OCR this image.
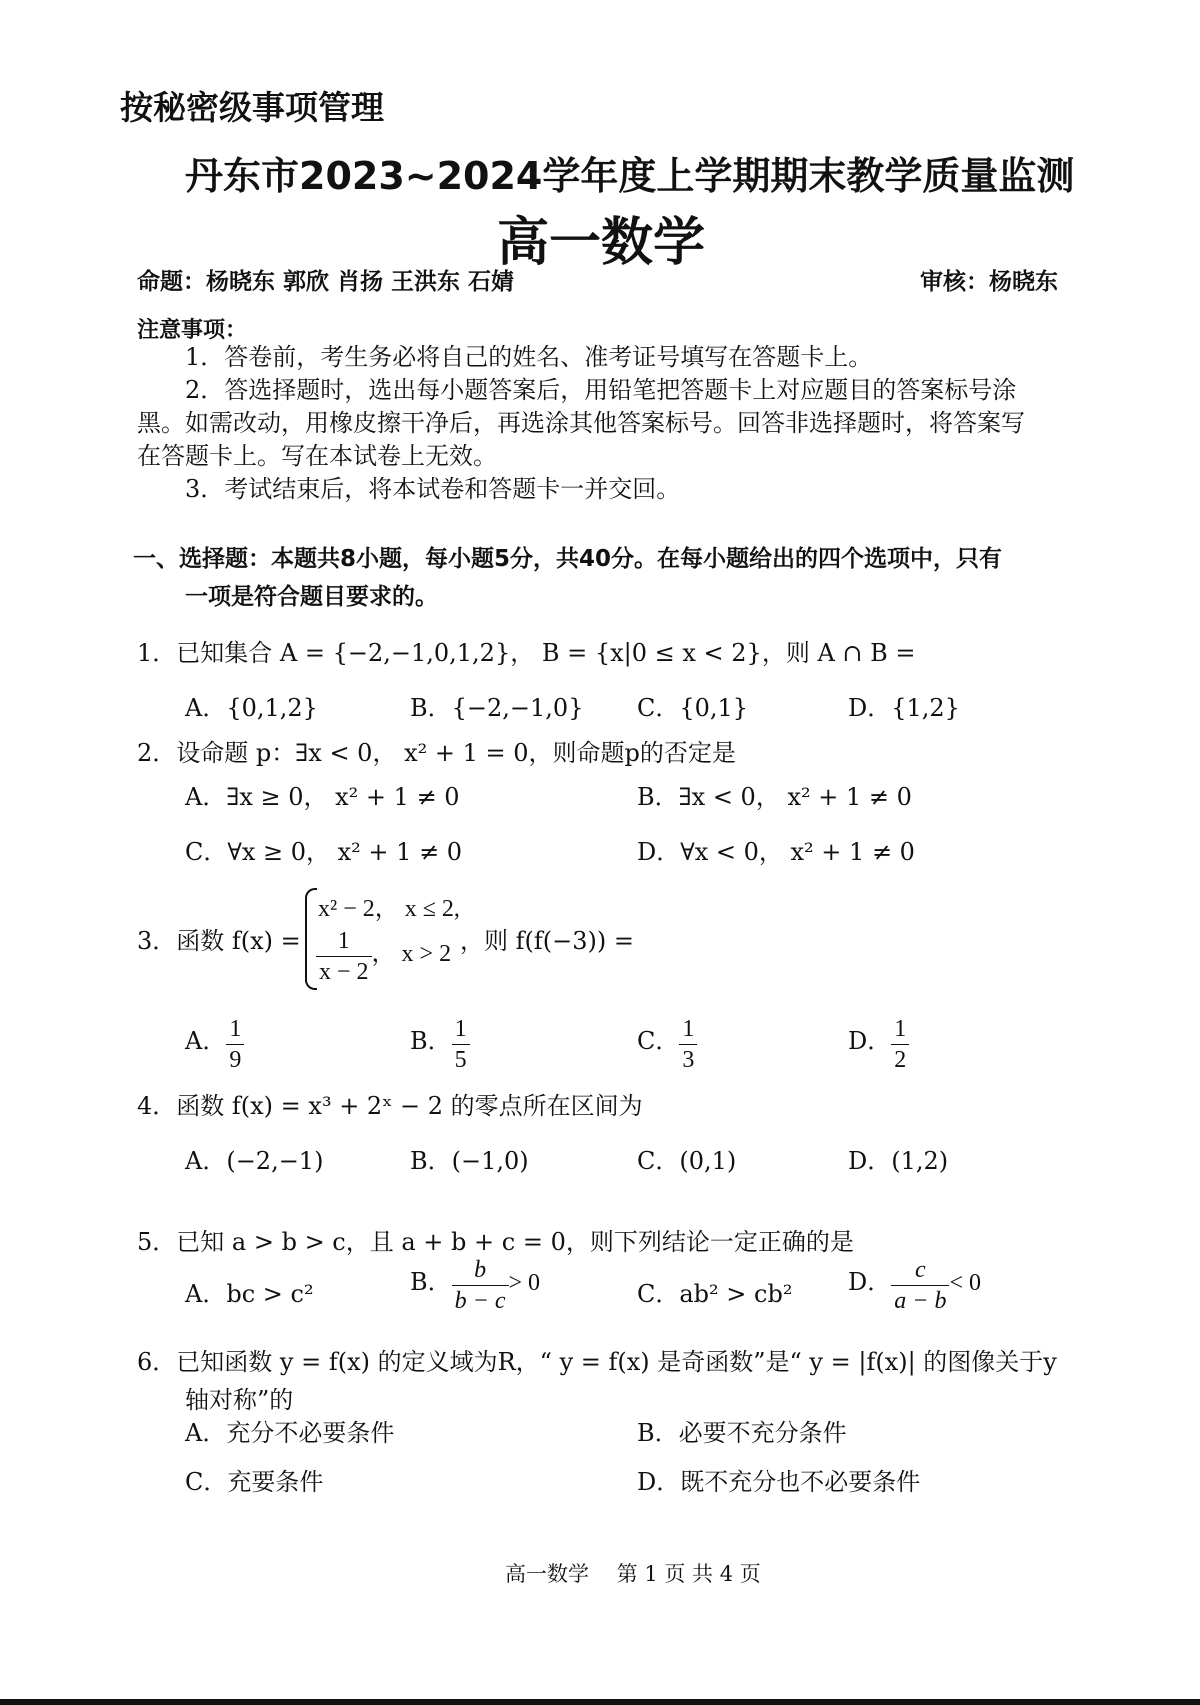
按秘密级事项管理
丹东市2023~2024学年度上学期期末教学质量监测
高一数学
命题：杨晓东 郭欣 肖扬 王洪东 石婧	审核：杨晓东
注意事项：
1．答卷前，考生务必将自己的姓名、准考证号填写在答题卡上。
2．答选择题时，选出每小题答案后，用铅笔把答题卡上对应题目的答案标号涂
黑。如需改动，用橡皮擦干净后，再选涂其他答案标号。回答非选择题时，将答案写
在答题卡上。写在本试卷上无效。
3．考试结束后，将本试卷和答题卡一并交回。
一、选择题：本题共8小题，每小题5分，共40分。在每小题给出的四个选项中，只有
一项是符合题目要求的。
1．已知集合 A = {−2,−1,0,1,2}， B = {x|0 ≤ x < 2}，则 A ∩ B =
A．{0,1,2}	B．{−2,−1,0} C．{0,1}	D．{1,2}
2．设命题 p：∃x < 0， x² + 1 = 0，则命题p的否定是
A．∃x ≥ 0， x² + 1 ≠ 0	B．∃x < 0， x² + 1 ≠ 0
C．∀x ≥ 0， x² + 1 ≠ 0	D．∀x < 0， x² + 1 ≠ 0
3．函数 f(x) =
x² − 2， x ≤ 2,
$\frac{1}{x - 2}$ ， x > 2 ，则 f(f(−3)) =
A． $\frac{1}{9}$	B． $\frac{1}{5}$	C． $\frac{1}{3}$	D． $\frac{1}{2}$
4．函数 f(x) = x³ + 2ˣ − 2 的零点所在区间为
A．(−2,−1)	B．(−1,0)	C．(0,1)	D．(1,2)
5．已知 a > b > c，且 a + b + c = 0，则下列结论一定正确的是
A．bc > c²	B． $\frac{b}{b - c} > 0$	C．ab² > cb² D． $\frac{c}{a - b} < 0$
6．已知函数 y = f(x) 的定义域为R，“ y = f(x) 是奇函数”是“ y = |f(x)| 的图像关于y
轴对称”的
A．充分不必要条件	B．必要不充分条件
C．充要条件	D．既不充分也不必要条件
高一数学　 第 1 页 共 4 页
